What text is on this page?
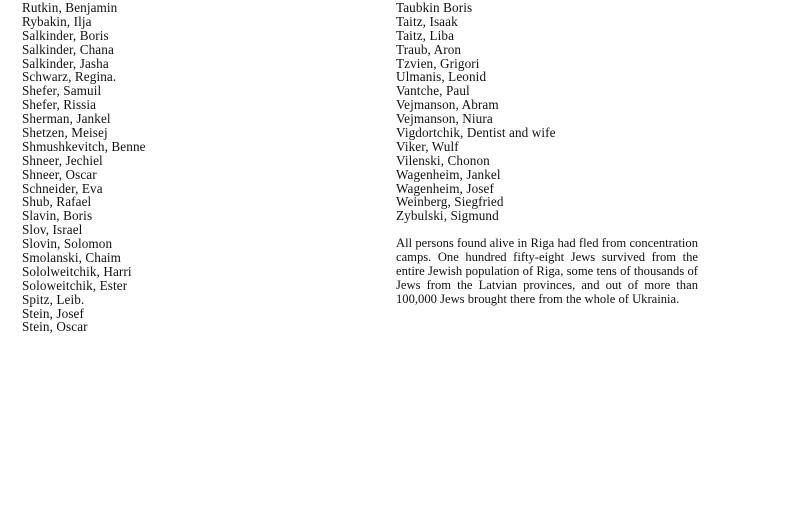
Rutkin, Benjamin
Rybakin, Ilja
Salkinder, Boris
Salkinder, Chana
Salkinder, Jasha
Schwarz, Regina.
Shefer, Samuil
Shefer, Rissia
Sherman, Jankel
Shetzen, Meisej
Shmushkevitch, Benne
Shneer, Jechiel
Shneer, Oscar
Schneider, Eva
Shub, Rafael
Slavin, Boris
Slov, Israel
Slovin, Solomon
Smolanski, Chaim
Sololweitchik, Harri
Soloweitchik, Ester
Spitz, Leib.
Stein, Josef
Stein, Oscar
Taubkin Boris
Taitz, Isaak
Taitz, Liba
Traub, Aron
Tzvien, Grigori
Ulmanis, Leonid
Vantche, Paul
Vejmanson, Abram
Vejmanson, Niura
Vigdortchik, Dentist and wife
Viker, Wulf
Vilenski, Chonon
Wagenheim, Jankel
Wagenheim, Josef
Weinberg, Siegfried
Zybulski, Sigmund

All persons found alive in Riga had fled from concentration camps. One hundred fifty-eight Jews survived from the entire Jewish population of Riga, some tens of thousands of Jews from the Latvian provinces, and out of more than 100,000 Jews brought there from the whole of Ukrainia.
